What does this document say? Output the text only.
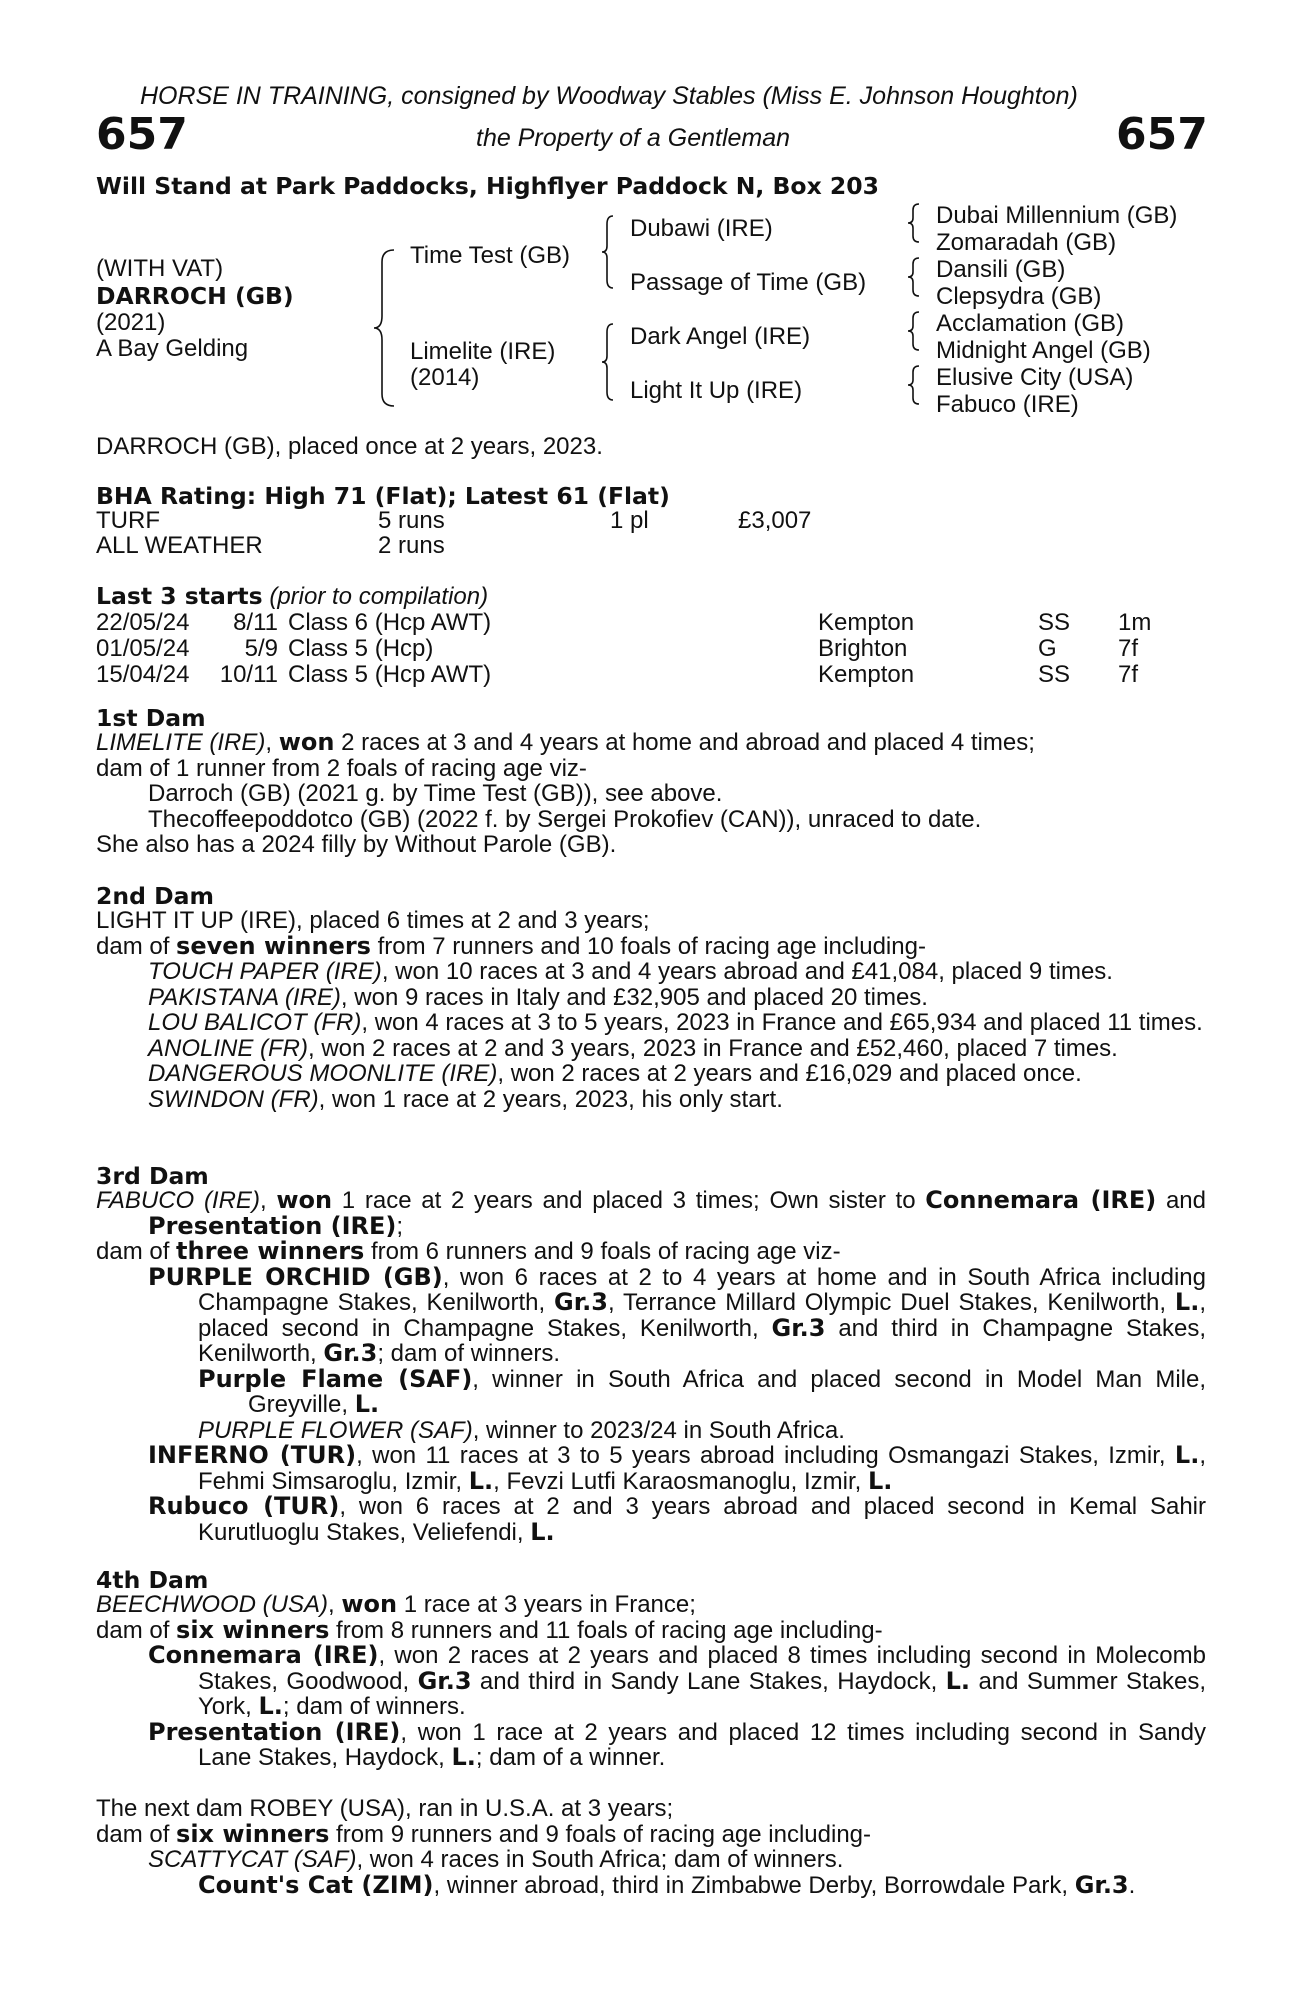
HORSE IN TRAINING, consigned by Woodway Stables (Miss E. Johnson Houghton)
657	the Property of a Gentleman	657
Will Stand at Park Paddocks, Highflyer Paddock N, Box 203
(WITH VAT)
DARROCH (GB)
(2021)
A Bay Gelding
Time Test (GB)
Limelite (IRE)
(2014)
Dubawi (IRE)
Passage of Time (GB)
Dark Angel (IRE)
Light It Up (IRE)
Dubai Millennium (GB)
Zomaradah (GB)
Dansili (GB)
Clepsydra (GB)
Acclamation (GB)
Midnight Angel (GB)
Elusive City (USA)
Fabuco (IRE)
DARROCH (GB), placed once at 2 years, 2023.
BHA Rating: High 71 (Flat); Latest 61 (Flat)
TURF	5 runs	1 pl	£3,007
ALL WEATHER	2 runs
Last 3 starts (prior to compilation)
22/05/24	8/11 Class 6 (Hcp AWT)	Kempton	SS 1m
01/05/24	5/9 Class 5 (Hcp)	Brighton	G	7f
15/04/24 10/11 Class 5 (Hcp AWT)	Kempton	SS 7f
1st Dam

LIMELITE (IRE), won 2 races at 3 and 4 years at home and abroad and placed 4 times;

dam of 1 runner from 2 foals of racing age viz-

Darroch (GB) (2021 g. by Time Test (GB)), see above.

Thecoffeepoddotco (GB) (2022 f. by Sergei Prokofiev (CAN)), unraced to date.

She also has a 2024 filly by Without Parole (GB).

2nd Dam

LIGHT IT UP (IRE), placed 6 times at 2 and 3 years;

dam of seven winners from 7 runners and 10 foals of racing age including-

TOUCH PAPER (IRE), won 10 races at 3 and 4 years abroad and £41,084, placed 9 times.

PAKISTANA (IRE), won 9 races in Italy and £32,905 and placed 20 times.

LOU BALICOT (FR), won 4 races at 3 to 5 years, 2023 in France and £65,934 and placed 11 times.

ANOLINE (FR), won 2 races at 2 and 3 years, 2023 in France and £52,460, placed 7 times.

DANGEROUS MOONLITE (IRE), won 2 races at 2 years and £16,029 and placed once.

SWINDON (FR), won 1 race at 2 years, 2023, his only start.

3rd Dam

FABUCO (IRE), won 1 race at 2 years and placed 3 times; Own sister to Connemara (IRE) and Presentation (IRE);

dam of three winners from 6 runners and 9 foals of racing age viz-

PURPLE ORCHID (GB), won 6 races at 2 to 4 years at home and in South Africa including Champagne Stakes, Kenilworth, Gr.3, Terrance Millard Olympic Duel Stakes, Kenilworth, L., placed second in Champagne Stakes, Kenilworth, Gr.3 and third in Champagne Stakes, Kenilworth, Gr.3; dam of winners.

Purple Flame (SAF), winner in South Africa and placed second in Model Man Mile, Greyville, L.

PURPLE FLOWER (SAF), winner to 2023/24 in South Africa.

INFERNO (TUR), won 11 races at 3 to 5 years abroad including Osmangazi Stakes, Izmir, L., Fehmi Simsaroglu, Izmir, L., Fevzi Lutfi Karaosmanoglu, Izmir, L.

Rubuco (TUR), won 6 races at 2 and 3 years abroad and placed second in Kemal Sahir Kurutluoglu Stakes, Veliefendi, L.

4th Dam

BEECHWOOD (USA), won 1 race at 3 years in France;

dam of six winners from 8 runners and 11 foals of racing age including-

Connemara (IRE), won 2 races at 2 years and placed 8 times including second in Molecomb Stakes, Goodwood, Gr.3 and third in Sandy Lane Stakes, Haydock, L. and Summer Stakes, York, L.; dam of winners.

Presentation (IRE), won 1 race at 2 years and placed 12 times including second in Sandy Lane Stakes, Haydock, L.; dam of a winner.

The next dam ROBEY (USA), ran in U.S.A. at 3 years;

dam of six winners from 9 runners and 9 foals of racing age including-

SCATTYCAT (SAF), won 4 races in South Africa; dam of winners.

Count's Cat (ZIM), winner abroad, third in Zimbabwe Derby, Borrowdale Park, Gr.3.
